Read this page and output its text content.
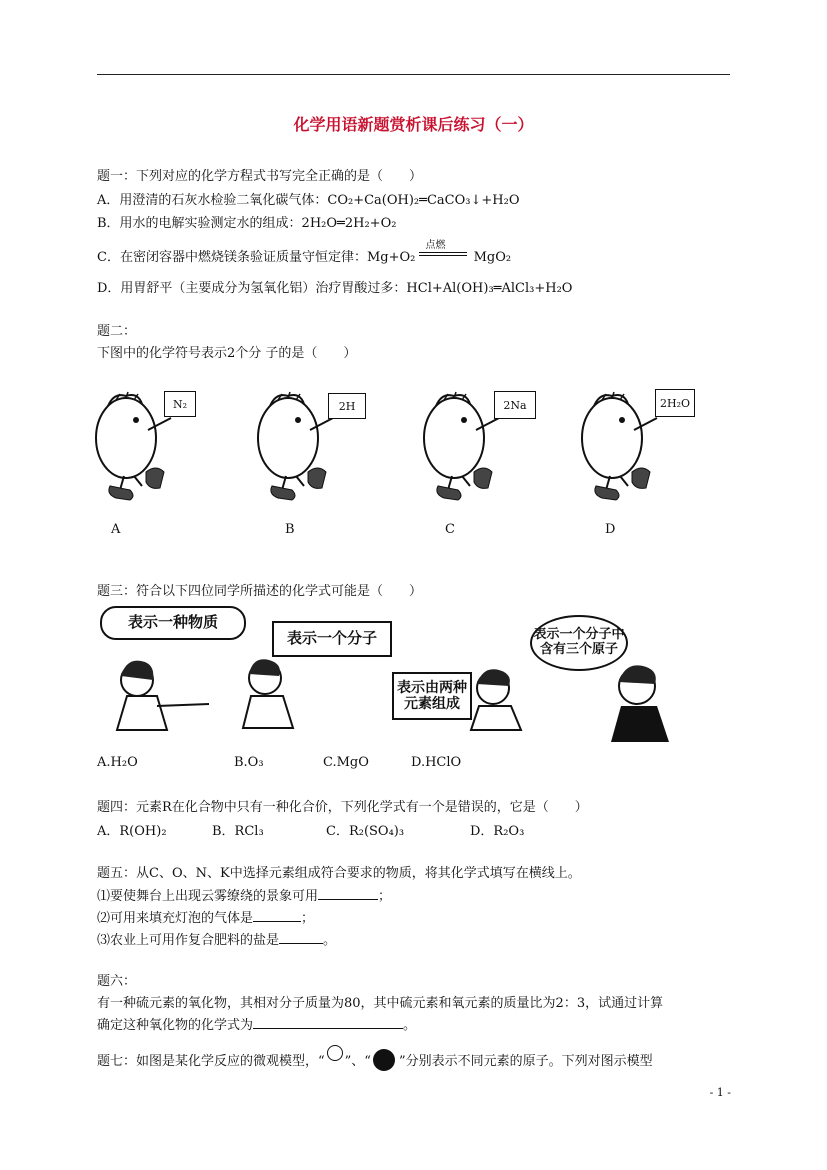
化学用语新题赏析课后练习（一）
题一：下列对应的化学方程式书写完全正确的是（　　）
A．用澄清的石灰水检验二氧化碳气体：CO₂+Ca(OH)₂═CaCO₃↓+H₂O
B．用水的电解实验测定水的组成：2H₂O═2H₂+O₂
C．在密闭容器中燃烧镁条验证质量守恒定律：Mg+O₂
点燃
MgO₂
D．用胃舒平（主要成分为氢氧化铝）治疗胃酸过多：HCl+Al(OH)₃═AlCl₃+H₂O
题二：
下图中的化学符号表示2个分 子的是（　　）
N₂	2H	2Na	2H₂O
A	B	C	D
题三：符合以下四位同学所描述的化学式可能是（　　）
表示一种物质
表示一个分子
表示由两种元素组成
表示一个分子中含有三个原子
A.H₂O	B.O₃	C.MgO	D.HClO
题四：元素R在化合物中只有一种化合价，下列化学式有一个是错误的，它是（　　）
A．R(OH)₂	B．RCl₃	C．R₂(SO₄)₃	D．R₂O₃
题五：从C、O、N、K中选择元素组成符合要求的物质，将其化学式填写在横线上。
⑴要使舞台上出现云雾缭绕的景象可用	；
⑵可用来填充灯泡的气体是	；
⑶农业上可用作复合肥料的盐是	。
题六：
有一种硫元素的氧化物，其相对分子质量为80，其中硫元素和氧元素的质量比为2：3，试通过计算
确定这种氧化物的化学式为	。
题七：如图是某化学反应的微观模型，“ ”、“ ”分别表示不同元素的原子。下列对图示模型
- 1 -
